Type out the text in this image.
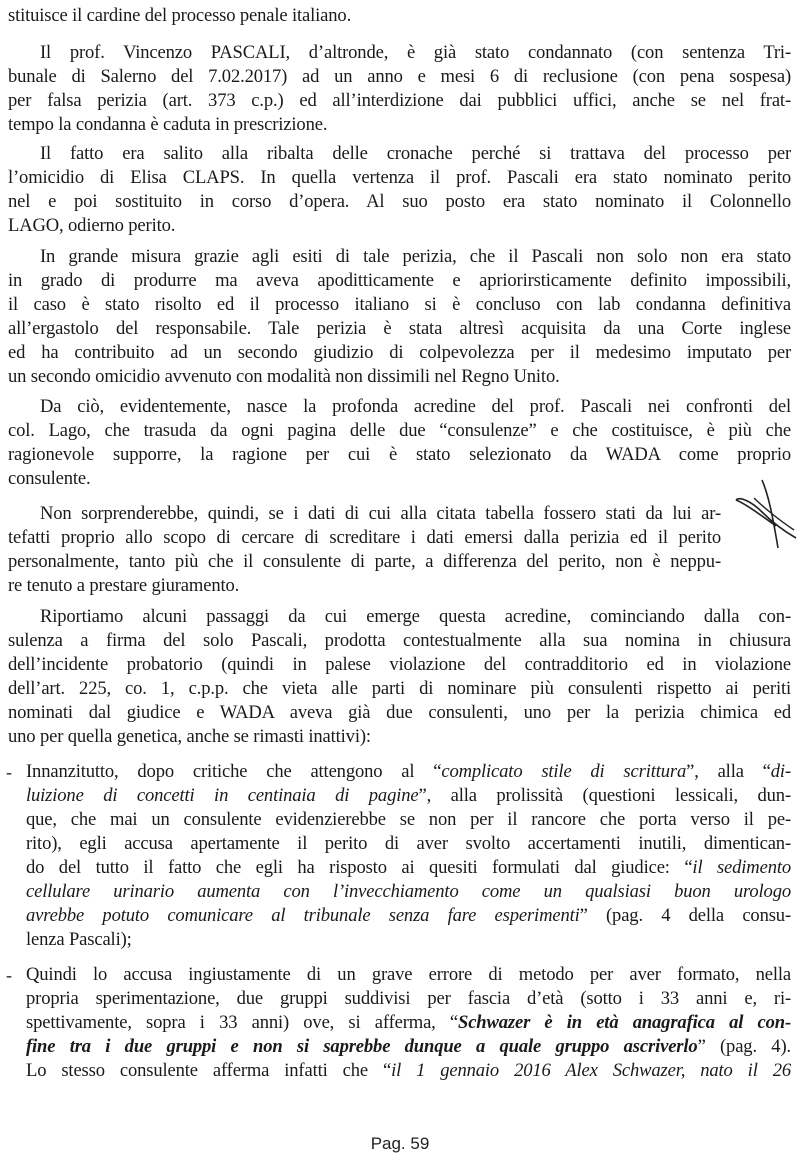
stituisce il cardine del processo penale italiano.
Il prof. Vincenzo PASCALI, d’altronde, è già stato condannato (con sentenza Tri-
bunale di Salerno del 7.02.2017) ad un anno e mesi 6 di reclusione (con pena sospesa)
per falsa perizia (art. 373 c.p.) ed all’interdizione dai pubblici uffici, anche se nel frat-
tempo la condanna è caduta in prescrizione.
Il fatto era salito alla ribalta delle cronache perché si trattava del processo per
l’omicidio di Elisa CLAPS. In quella vertenza il prof. Pascali era stato nominato perito
nel e poi sostituito in corso d’opera. Al suo posto era stato nominato il Colonnello
LAGO, odierno perito.
In grande misura grazie agli esiti di tale perizia, che il Pascali non solo non era stato
in grado di produrre ma aveva apoditticamente e apriorirsticamente definito impossibili,
il caso è stato risolto ed il processo italiano si è concluso con lab condanna definitiva
all’ergastolo del responsabile. Tale perizia è stata altresì acquisita da una Corte inglese
ed ha contribuito ad un secondo giudizio di colpevolezza per il medesimo imputato per
un secondo omicidio avvenuto con modalità non dissimili nel Regno Unito.
Da ciò, evidentemente, nasce la profonda acredine del prof. Pascali nei confronti del
col. Lago, che trasuda da ogni pagina delle due “consulenze” e che costituisce, è più che
ragionevole supporre, la ragione per cui è stato selezionato da WADA come proprio
consulente.
Non sorprenderebbe, quindi, se i dati di cui alla citata tabella fossero stati da lui ar-
tefatti proprio allo scopo di cercare di screditare i dati emersi dalla perizia ed il perito
personalmente, tanto più che il consulente di parte, a differenza del perito, non è neppu-
re tenuto a prestare giuramento.
Riportiamo alcuni passaggi da cui emerge questa acredine, cominciando dalla con-
sulenza a firma del solo Pascali, prodotta contestualmente alla sua nomina in chiusura
dell’incidente probatorio (quindi in palese violazione del contradditorio ed in violazione
dell’art. 225, co. 1, c.p.p. che vieta alle parti di nominare più consulenti rispetto ai periti
nominati dal giudice e WADA aveva già due consulenti, uno per la perizia chimica ed
uno per quella genetica, anche se rimasti inattivi):
- Innanzitutto, dopo critiche che attengono al “complicato stile di scrittura”, alla “di-
luizione di concetti in centinaia di pagine”, alla prolissità (questioni lessicali, dun-
que, che mai un consulente evidenzierebbe se non per il rancore che porta verso il pe-
rito), egli accusa apertamente il perito di aver svolto accertamenti inutili, dimentican-
do del tutto il fatto che egli ha risposto ai quesiti formulati dal giudice: “il sedimento
cellulare urinario aumenta con l’invecchiamento come un qualsiasi buon urologo
avrebbe potuto comunicare al tribunale senza fare esperimenti” (pag. 4 della consu-
lenza Pascali);
- Quindi lo accusa ingiustamente di un grave errore di metodo per aver formato, nella
propria sperimentazione, due gruppi suddivisi per fascia d’età (sotto i 33 anni e, ri-
spettivamente, sopra i 33 anni) ove, si afferma, “Schwazer è in età anagrafica al con-
fine tra i due gruppi e non si saprebbe dunque a quale gruppo ascriverlo” (pag. 4).
Lo stesso consulente afferma infatti che “il 1 gennaio 2016 Alex Schwazer, nato il 26
Pag. 59
